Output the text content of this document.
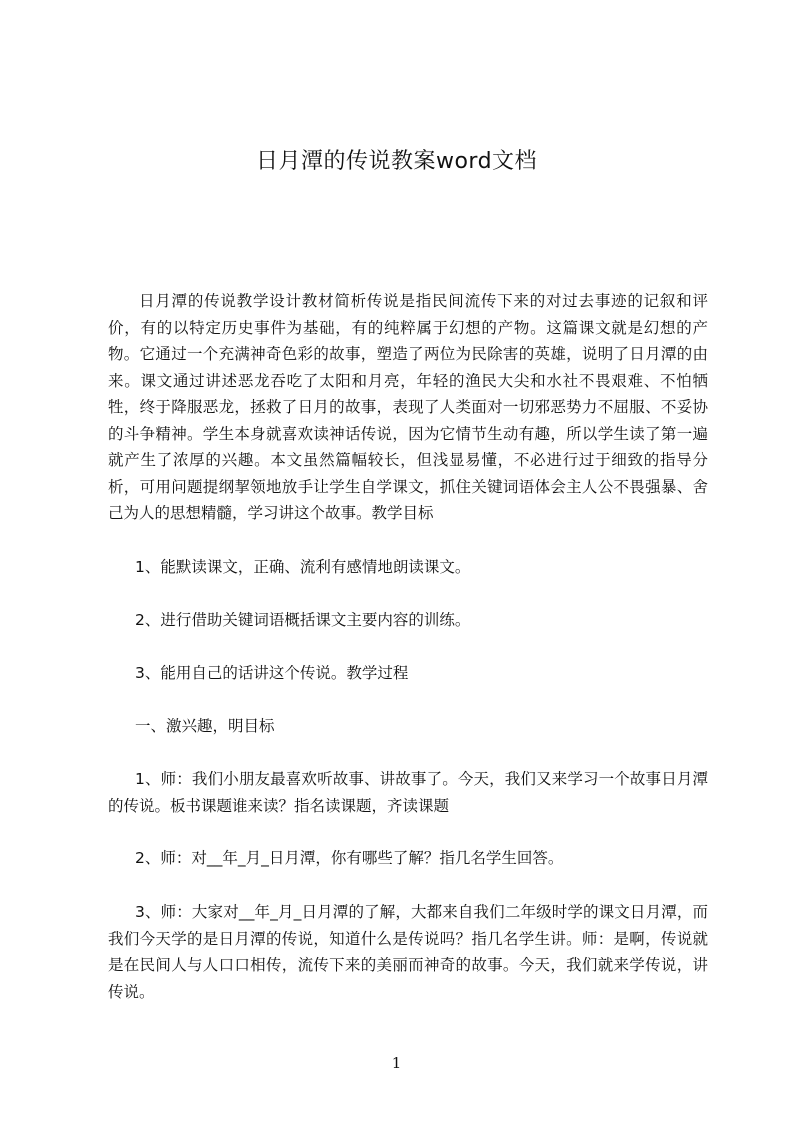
日月潭的传说教案word文档

日月潭的传说教学设计教材简析传说是指民间流传下来的对过去事迹的记叙和评价，有的以特定历史事件为基础，有的纯粹属于幻想的产物。这篇课文就是幻想的产物。它通过一个充满神奇色彩的故事，塑造了两位为民除害的英雄，说明了日月潭的由来。课文通过讲述恶龙吞吃了太阳和月亮，年轻的渔民大尖和水社不畏艰难、不怕牺牲，终于降服恶龙，拯救了日月的故事，表现了人类面对一切邪恶势力不屈服、不妥协的斗争精神。学生本身就喜欢读神话传说，因为它情节生动有趣，所以学生读了第一遍就产生了浓厚的兴趣。本文虽然篇幅较长，但浅显易懂，不必进行过于细致的指导分析，可用问题提纲挈领地放手让学生自学课文，抓住关键词语体会主人公不畏强暴、舍己为人的思想精髓，学习讲这个故事。教学目标

1、能默读课文，正确、流利有感情地朗读课文。

2、进行借助关键词语概括课文主要内容的训练。

3、能用自己的话讲这个传说。教学过程

一、激兴趣，明目标

1、师：我们小朋友最喜欢听故事、讲故事了。今天，我们又来学习一个故事日月潭的传说。板书课题谁来读？指名读课题，齐读课题

2、师：对__年_月_日月潭，你有哪些了解？指几名学生回答。

3、师：大家对__年_月_日月潭的了解，大都来自我们二年级时学的课文日月潭，而我们今天学的是日月潭的传说，知道什么是传说吗？指几名学生讲。师：是啊，传说就是在民间人与人口口相传，流传下来的美丽而神奇的故事。今天，我们就来学传说，讲传说。

1
